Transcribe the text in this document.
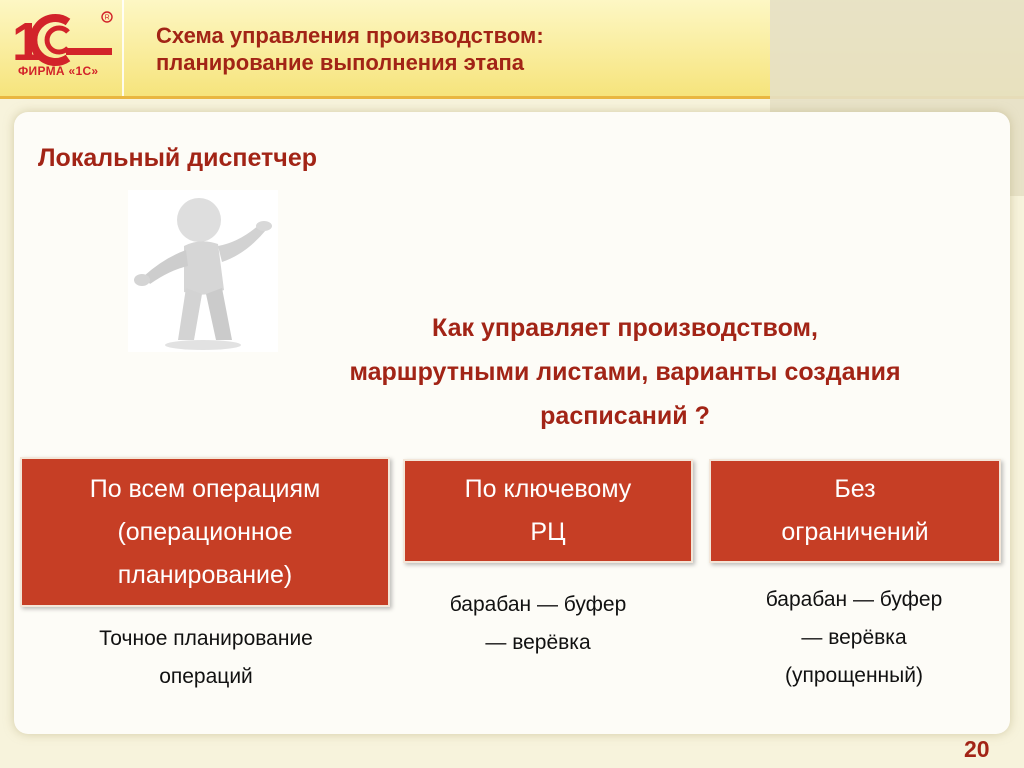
1	R
ФИРМА «1С»
Схема управления производством:
планирование выполнения этапа
Локальный диспетчер
Как управляет производством,
маршрутными листами, варианты создания
расписаний ?
По всем операциям
(операционное
планирование)
По ключевому
РЦ
Без
ограничений
Точное планирование
операций
барабан — буфер
— верёвка
барабан — буфер
— верёвка
(упрощенный)
20
